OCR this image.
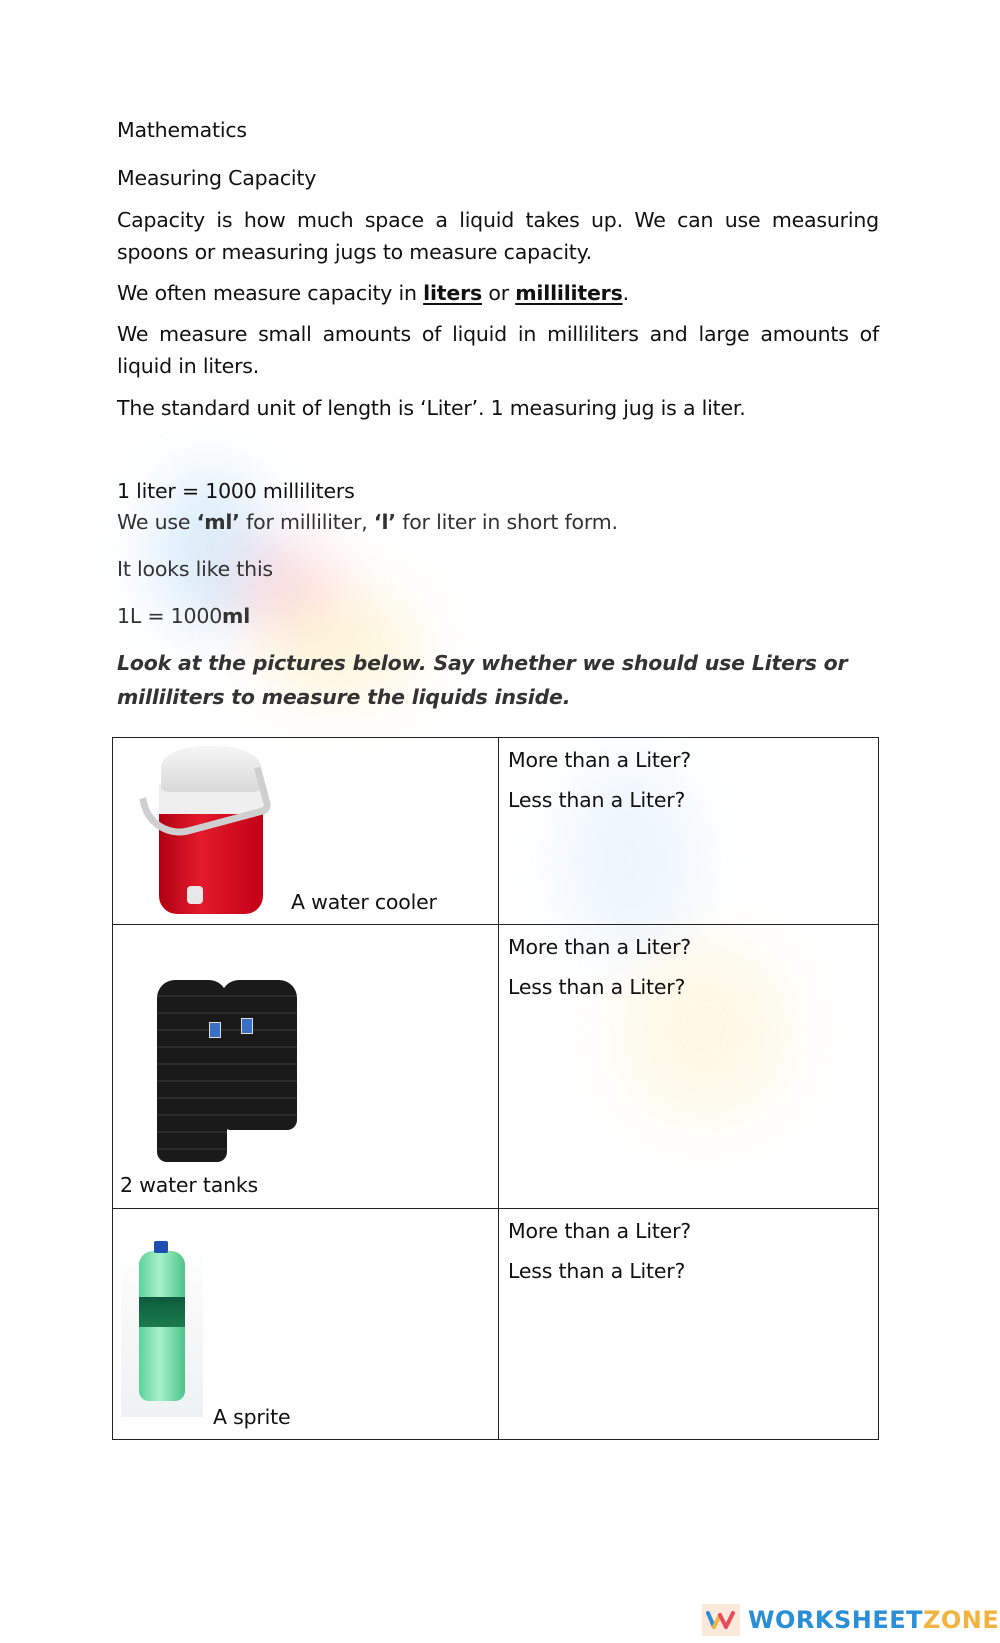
Mathematics
Measuring Capacity
Capacity is how much space a liquid takes up. We can use measuring
spoons or measuring jugs to measure capacity.
We often measure capacity in liters or milliliters.
We measure small amounts of liquid in milliliters and large amounts of
liquid in liters.
The standard unit of length is ‘Liter’. 1 measuring jug is a liter.
1 liter = 1000 milliliters
We use ‘ml’ for milliliter, ‘l’ for liter in short form.
It looks like this
1L = 1000ml
Look at the pictures below. Say whether we should use Liters or
milliliters to measure the liquids inside.
A water cooler
More than a Liter?
Less than a Liter?
2 water tanks
More than a Liter?
Less than a Liter?
A sprite
More than a Liter?
Less than a Liter?
WORKSHEETZONE
